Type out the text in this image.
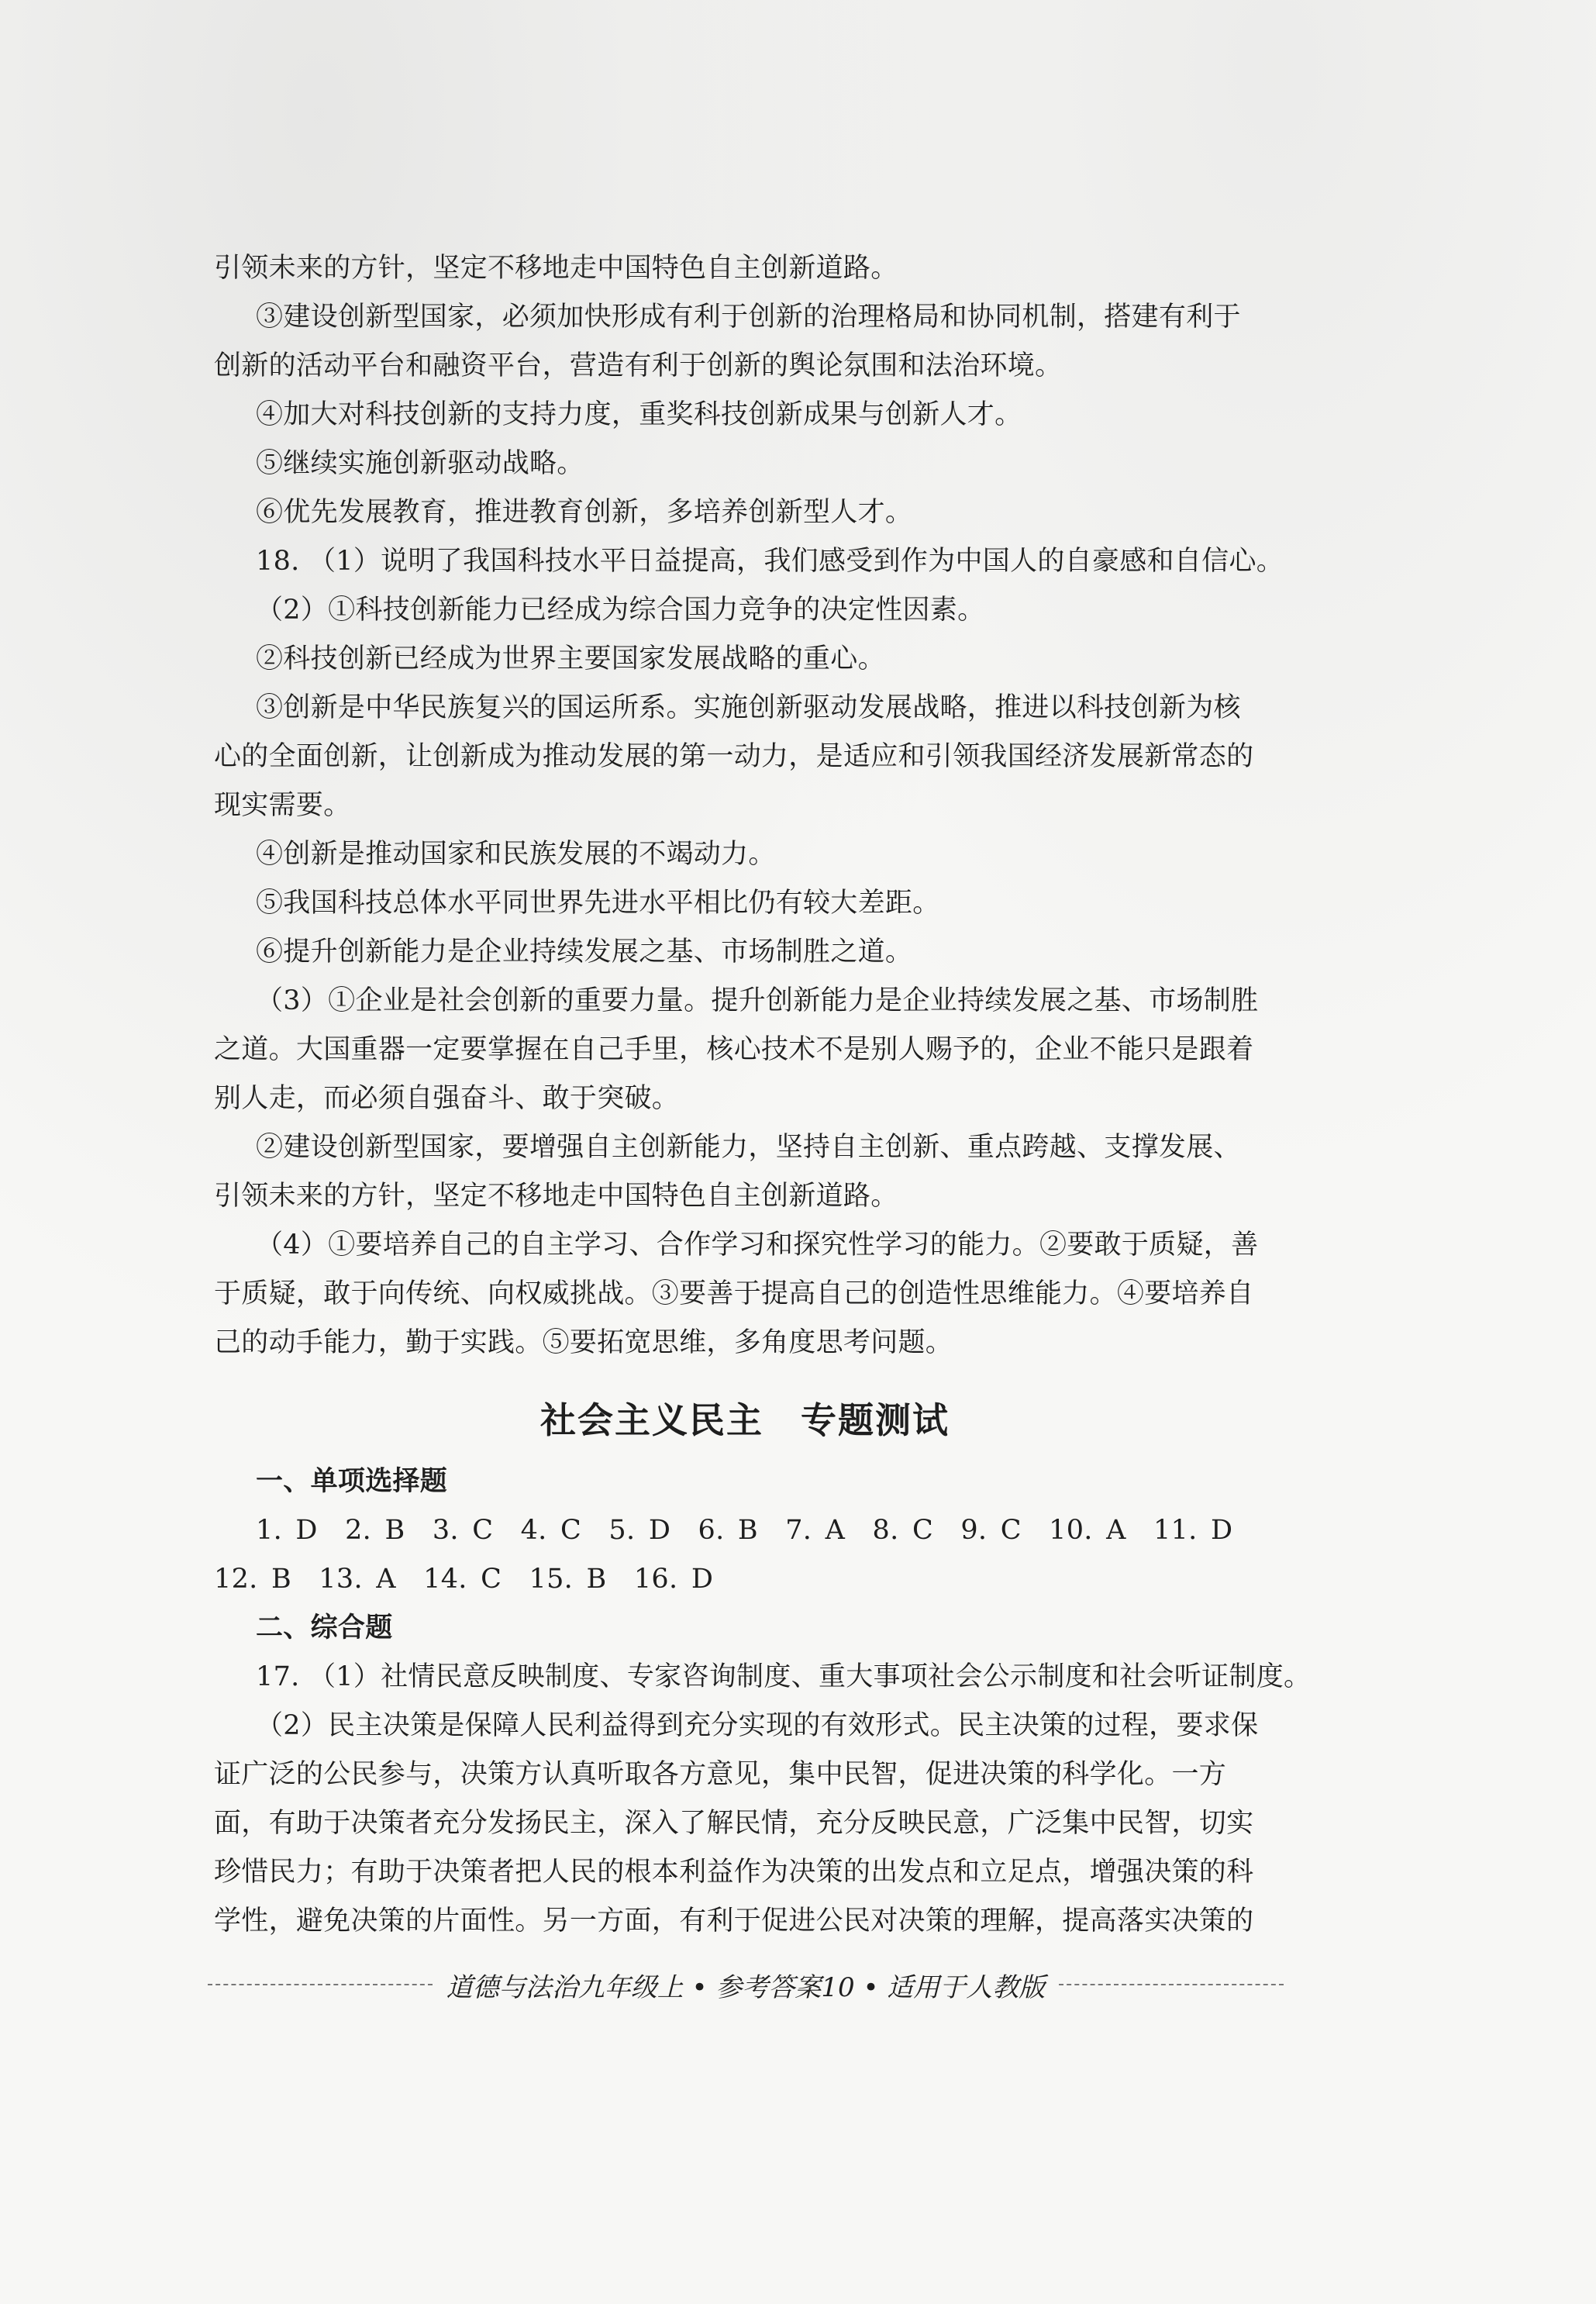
引领未来的方针，坚定不移地走中国特色自主创新道路。
③建设创新型国家，必须加快形成有利于创新的治理格局和协同机制，搭建有利于
创新的活动平台和融资平台，营造有利于创新的舆论氛围和法治环境。
④加大对科技创新的支持力度，重奖科技创新成果与创新人才。
⑤继续实施创新驱动战略。
⑥优先发展教育，推进教育创新，多培养创新型人才。
18. （1）说明了我国科技水平日益提高，我们感受到作为中国人的自豪感和自信心。
（2）①科技创新能力已经成为综合国力竞争的决定性因素。
②科技创新已经成为世界主要国家发展战略的重心。
③创新是中华民族复兴的国运所系。实施创新驱动发展战略，推进以科技创新为核
心的全面创新，让创新成为推动发展的第一动力，是适应和引领我国经济发展新常态的
现实需要。
④创新是推动国家和民族发展的不竭动力。
⑤我国科技总体水平同世界先进水平相比仍有较大差距。
⑥提升创新能力是企业持续发展之基、市场制胜之道。
（3）①企业是社会创新的重要力量。提升创新能力是企业持续发展之基、市场制胜
之道。大国重器一定要掌握在自己手里，核心技术不是别人赐予的，企业不能只是跟着
别人走，而必须自强奋斗、敢于突破。
②建设创新型国家，要增强自主创新能力，坚持自主创新、重点跨越、支撑发展、
引领未来的方针，坚定不移地走中国特色自主创新道路。
（4）①要培养自己的自主学习、合作学习和探究性学习的能力。②要敢于质疑，善
于质疑，敢于向传统、向权威挑战。③要善于提高自己的创造性思维能力。④要培养自
己的动手能力，勤于实践。⑤要拓宽思维，多角度思考问题。
社会主义民主　专题测试
一、单项选择题
1. D　2. B　3. C　4. C　5. D　6. B　7. A　8. C　9. C　10. A　11. D
12. B　13. A　14. C　15. B　16. D
二、综合题
17. （1）社情民意反映制度、专家咨询制度、重大事项社会公示制度和社会听证制度。
（2）民主决策是保障人民利益得到充分实现的有效形式。民主决策的过程，要求保
证广泛的公民参与，决策方认真听取各方意见，集中民智，促进决策的科学化。一方
面，有助于决策者充分发扬民主，深入了解民情，充分反映民意，广泛集中民智，切实
珍惜民力；有助于决策者把人民的根本利益作为决策的出发点和立足点，增强决策的科
学性，避免决策的片面性。另一方面，有利于促进公民对决策的理解，提高落实决策的
道德与法治九年级上 • 参考答案10 • 适用于人教版
